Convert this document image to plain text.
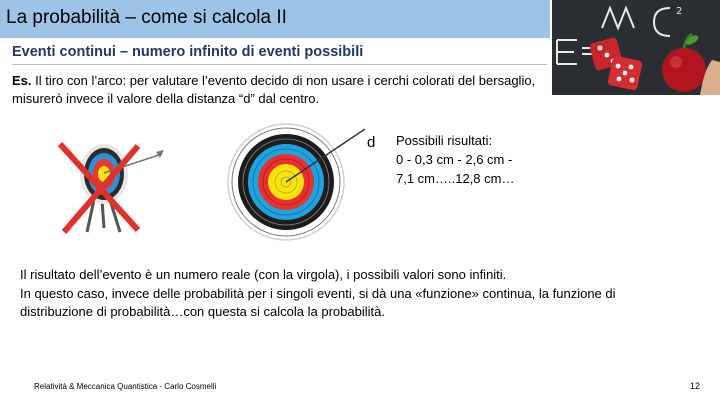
La probabilità – come si calcola II	2
Eventi continui – numero infinito di eventi possibili
Es. Il tiro con l’arco: per valutare l’evento decido di non usare i cerchi colorati del bersaglio, misurerò invece il valore della distanza “d” dal centro.
d Possibili risultati:
0 - 0,3 cm - 2,6 cm -
7,1 cm…..12,8 cm…
Il risultato dell’evento è un numero reale (con la virgola), i possibili valori sono infiniti.
In questo caso, invece delle probabilità per i singoli eventi, si dà una «funzione» continua, la funzione di distribuzione di probabilità…con questa si calcola la probabilità.
Relatività & Meccanica Quantistica - Carlo Cosmelli	12
